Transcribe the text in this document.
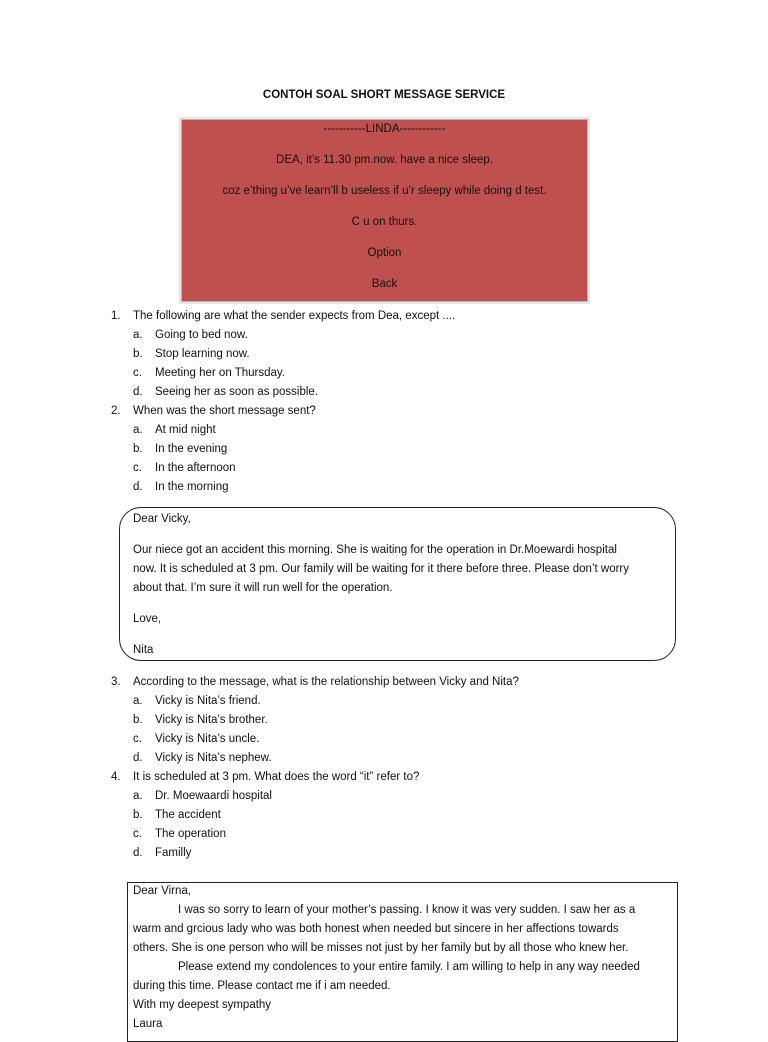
CONTOH SOAL SHORT MESSAGE SERVICE
-----------LINDA------------
DEA, it’s 11.30 pm.now. have a nice sleep.
coz e’thing u’ve learn’ll b useless if u’r sleepy while doing d test.
C u on thurs.
Option
Back
1. The following are what the sender expects from Dea, except ....
a. Going to bed now.
b. Stop learning now.
c. Meeting her on Thursday.
d. Seeing her as soon as possible.
2. When was the short message sent?
a. At mid night
b. In the evening
c. In the afternoon
d. In the morning
Dear Vicky,
Our niece got an accident this morning. She is waiting for the operation in Dr.Moewardi hospital
now. It is scheduled at 3 pm. Our family will be waiting for it there before three. Please don’t worry
about that. I’m sure it will run well for the operation.
Love,
Nita
3. According to the message, what is the relationship between Vicky and Nita?
a. Vicky is Nita’s friend.
b. Vicky is Nita’s brother.
c. Vicky is Nita’s uncle.
d. Vicky is Nita’s nephew.
4. It is scheduled at 3 pm. What does the word “it” refer to?
a. Dr. Moewaardi hospital
b. The accident
c. The operation
d. Familly
Dear Virna,
I was so sorry to learn of your mother’s passing. I know it was very sudden. I saw her as a
warm and grcious lady who was both honest when needed but sincere in her affections towards
others. She is one person who will be misses not just by her family but by all those who knew her.
Please extend my condolences to your entire family. I am willing to help in any way needed
during this time. Please contact me if i am needed.
With my deepest sympathy
Laura
